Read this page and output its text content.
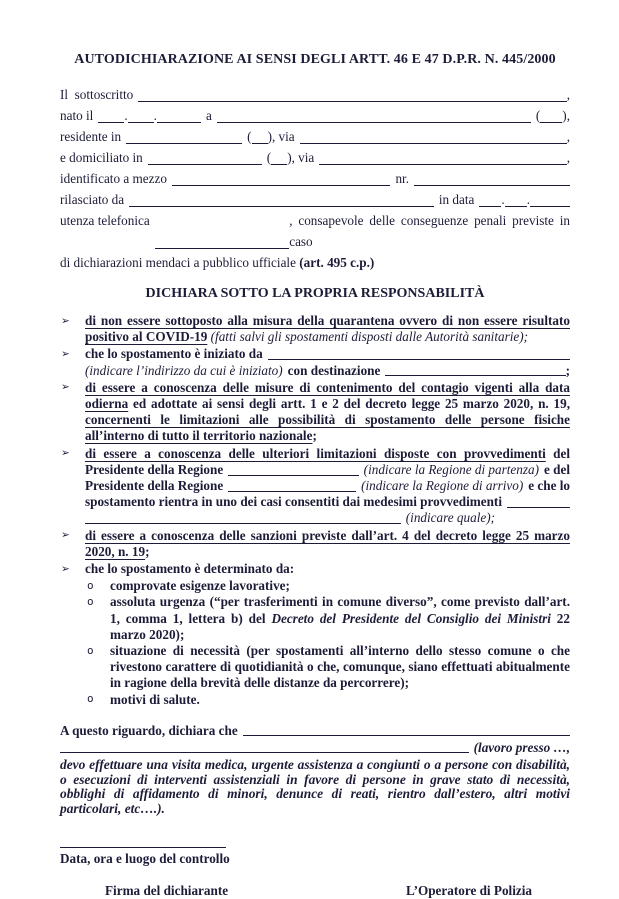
AUTODICHIARAZIONE AI SENSI DEGLI ARTT. 46 E 47 D.P.R. N. 445/2000
Il  sottoscritto	,
nato il . .	a	( ),
residente in	( ), via	,
e domiciliato in	( ), via	,
identificato a mezzo	nr.
rilasciato da	in data . .
utenza telefonica	, consapevole delle conseguenze penali previste in caso
di dichiarazioni mendaci a pubblico ufficiale (art. 495 c.p.)
DICHIARA SOTTO LA PROPRIA RESPONSABILITÀ
➢ di non essere sottoposto alla misura della quarantena ovvero di non essere risultato positivo al COVID-19 (fatti salvi gli spostamenti disposti dalle Autorità sanitarie);
➢ che lo spostamento è iniziato da
(indicare l’indirizzo da cui è iniziato) con destinazione	;
➢ di essere a conoscenza delle misure di contenimento del contagio vigenti alla data odierna ed adottate ai sensi degli artt. 1 e 2 del decreto legge 25 marzo 2020, n. 19, concernenti le limitazioni alle possibilità di spostamento delle persone fisiche all’interno di tutto il territorio nazionale;
➢ di essere a conoscenza delle ulteriori limitazioni disposte con provvedimenti del
Presidente della Regione	(indicare la Regione di partenza) e del
Presidente della Regione	(indicare la Regione di arrivo) e che lo
spostamento rientra in uno dei casi consentiti dai medesimi provvedimenti
(indicare quale);
➢ di essere a conoscenza delle sanzioni previste dall’art. 4 del decreto legge 25 marzo 2020, n. 19;
➢ che lo spostamento è determinato da:
o comprovate esigenze lavorative;
o assoluta urgenza (“per trasferimenti in comune diverso”, come previsto dall’art. 1, comma 1, lettera b) del Decreto del Presidente del Consiglio dei Ministri 22 marzo 2020);
o situazione di necessità (per spostamenti all’interno dello stesso comune o che rivestono carattere di quotidianità o che, comunque, siano effettuati abitualmente in ragione della brevità delle distanze da percorrere);
o motivi di salute.
A questo riguardo, dichiara che
(lavoro presso …,
devo effettuare una visita medica, urgente assistenza a congiunti o a persone con disabilità, o esecuzioni di interventi assistenziali in favore di persone in grave stato di necessità, obblighi di affidamento di minori, denunce di reati, rientro dall’estero, altri motivi particolari, etc….).
Data, ora e luogo del controllo
Firma del dichiarante	L’Operatore di Polizia
